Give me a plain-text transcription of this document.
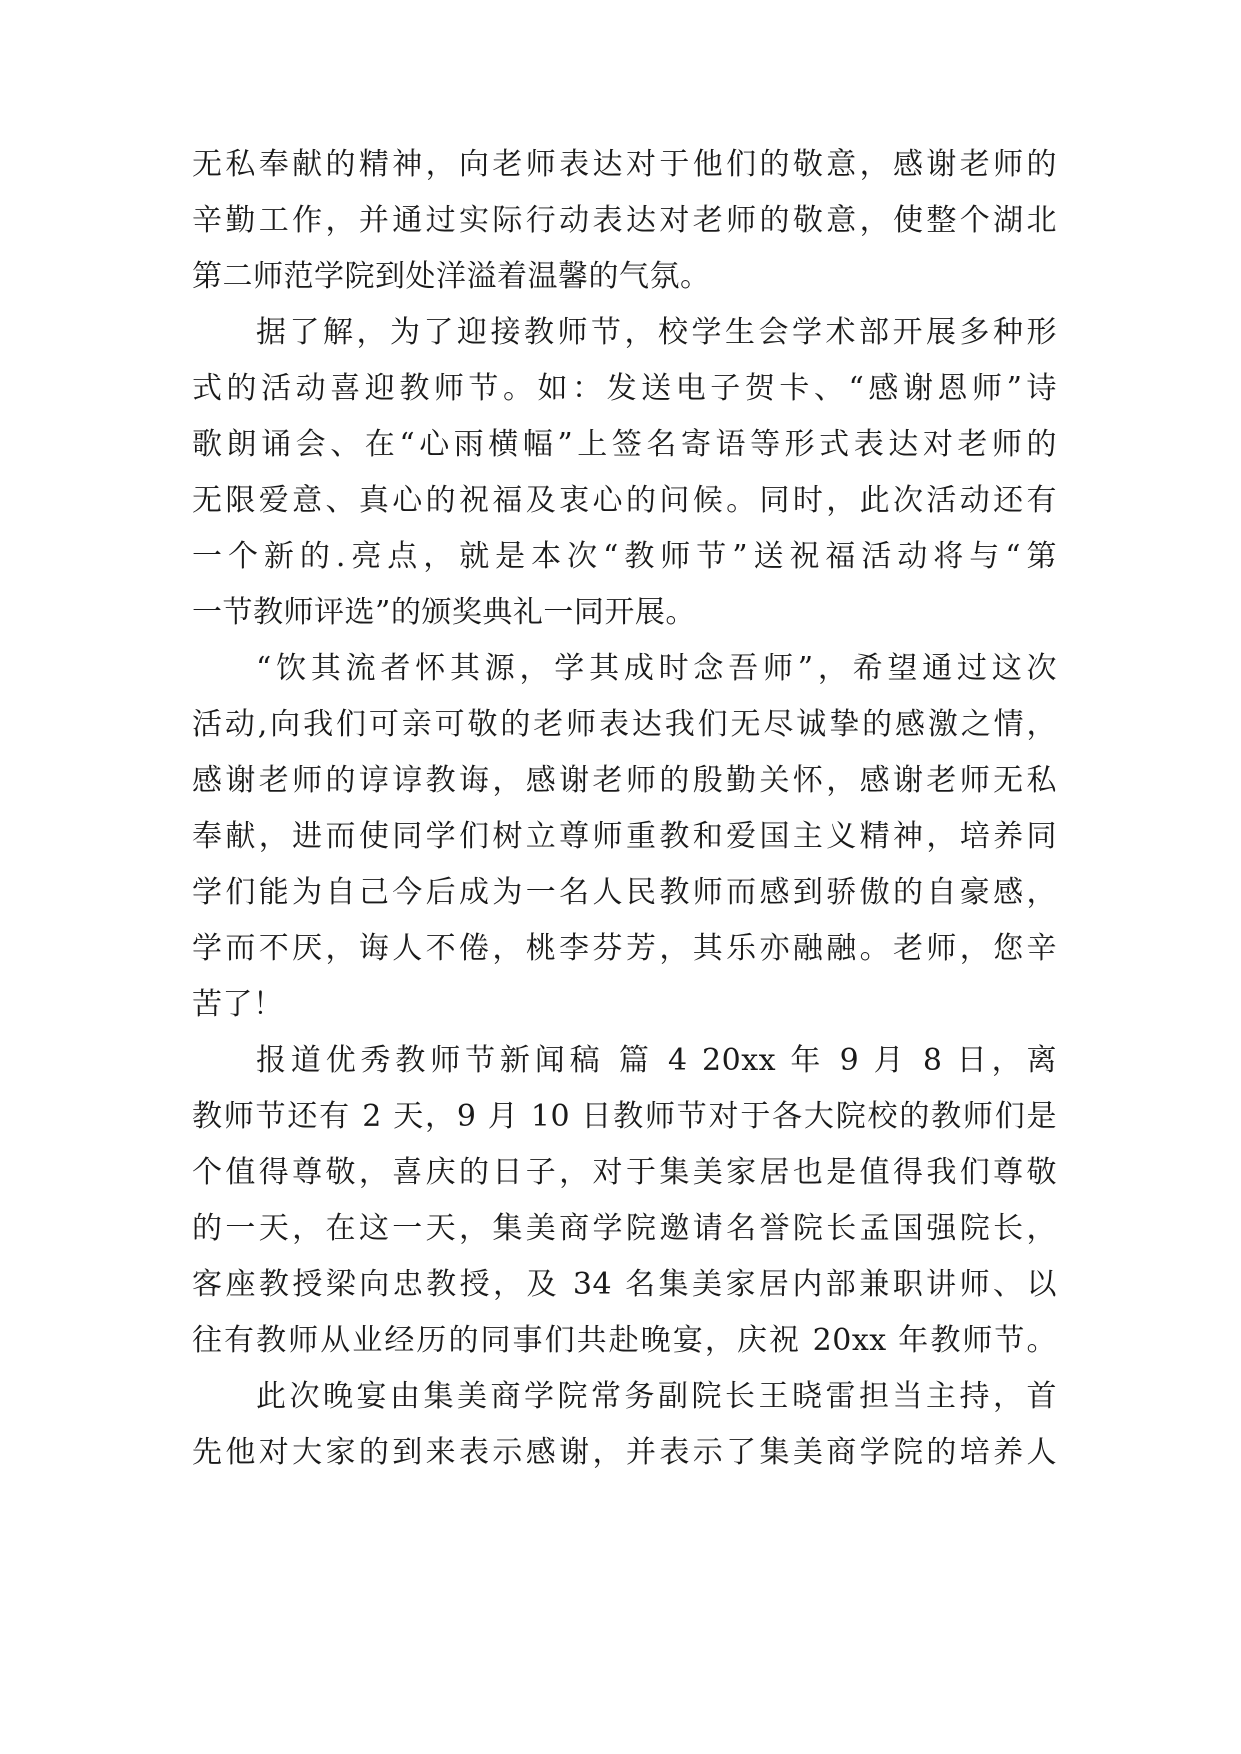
无私奉献的精神，向老师表达对于他们的敬意，感谢老师的
辛勤工作，并通过实际行动表达对老师的敬意，使整个湖北
第二师范学院到处洋溢着温馨的气氛。
据了解，为了迎接教师节，校学生会学术部开展多种形
式的活动喜迎教师节。如：发送电子贺卡、“感谢恩师”诗
歌朗诵会、在“心雨横幅”上签名寄语等形式表达对老师的
无限爱意、真心的祝福及衷心的问候。同时，此次活动还有
一个新的.亮点，就是本次“教师节”送祝福活动将与“第
一节教师评选”的颁奖典礼一同开展。
“饮其流者怀其源，学其成时念吾师”，希望通过这次
活动,向我们可亲可敬的老师表达我们无尽诚挚的感激之情，
感谢老师的谆谆教诲，感谢老师的殷勤关怀，感谢老师无私
奉献，进而使同学们树立尊师重教和爱国主义精神，培养同
学们能为自己今后成为一名人民教师而感到骄傲的自豪感，
学而不厌，诲人不倦，桃李芬芳，其乐亦融融。老师，您辛
苦了！
报道优秀教师节新闻稿 篇 4 20xx 年 9 月 8 日，离
教师节还有 2 天，9 月 10 日教师节对于各大院校的教师们是
个值得尊敬，喜庆的日子，对于集美家居也是值得我们尊敬
的一天，在这一天，集美商学院邀请名誉院长孟国强院长，
客座教授梁向忠教授，及 34 名集美家居内部兼职讲师、以
往有教师从业经历的同事们共赴晚宴，庆祝 20xx 年教师节。
此次晚宴由集美商学院常务副院长王晓雷担当主持，首
先他对大家的到来表示感谢，并表示了集美商学院的培养人
